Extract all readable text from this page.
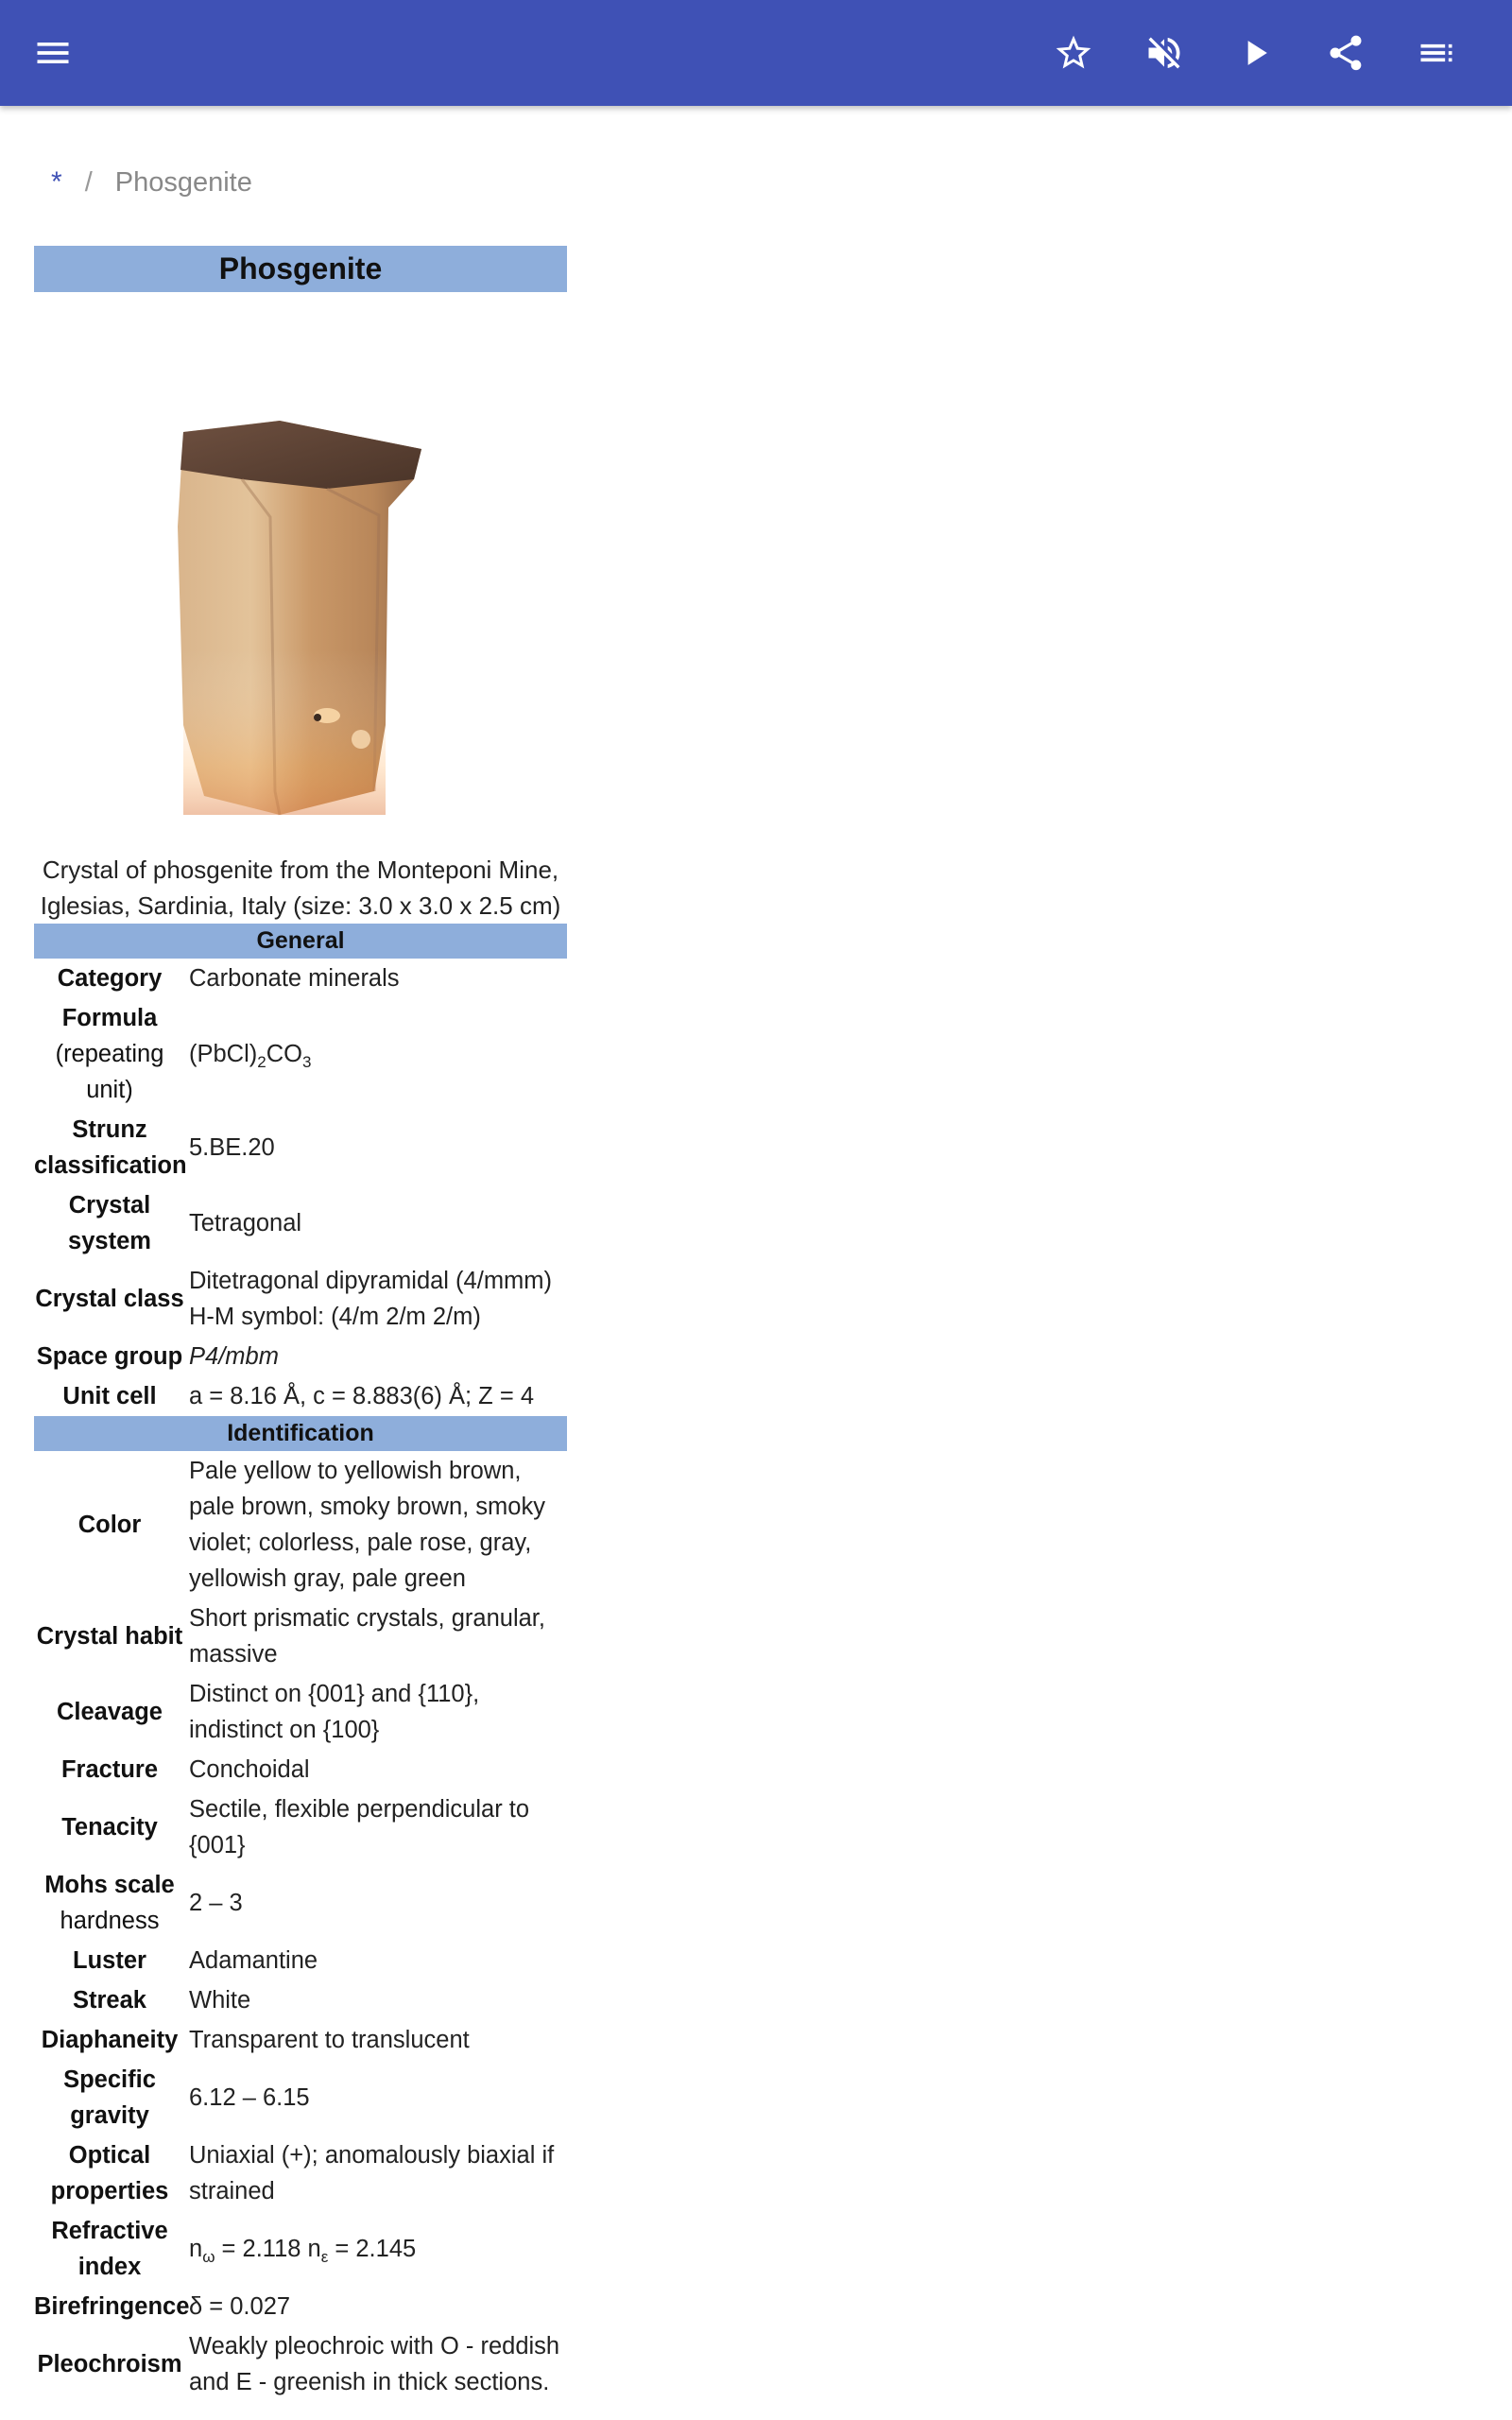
* / Phosgenite
Phosgenite
Crystal of phosgenite from the Monteponi Mine,
Iglesias, Sardinia, Italy (size: 3.0 x 3.0 x 2.5 cm)
General
Category	Carbonate minerals

Formula
(repeating unit)	$(PbCl)_2CO_3$
Strunz classification	5.BE.20
Crystal system	Tetragonal
Crystal class	Ditetragonal dipyramidal (4/mmm)
H-M symbol: (4/m 2/m 2/m)

Space group	P4/mbm
Unit cell	a = 8.16 Å, c = 8.883(6) Å; Z = 4
Identification
Color	Pale yellow to yellowish brown, pale brown, smoky brown, smoky violet; colorless, pale rose, gray, yellowish gray, pale green
Crystal habit	Short prismatic crystals, granular, massive
Cleavage	Distinct on {001} and {110}, indistinct on {100}
Fracture	Conchoidal
Tenacity	Sectile, flexible perpendicular to {001}

Mohs scale
hardness	2 – 3
Luster	Adamantine
Streak	White
Diaphaneity	Transparent to translucent
Specific gravity	6.12 – 6.15
Optical properties	Uniaxial (+); anomalously biaxial if strained
Refractive index	$n_\omega = 2.118$ $n_\varepsilon = 2.145$
Birefringence	δ = 0.027
Pleochroism	Weakly pleochroic with O - reddish and E - greenish in thick sections.
